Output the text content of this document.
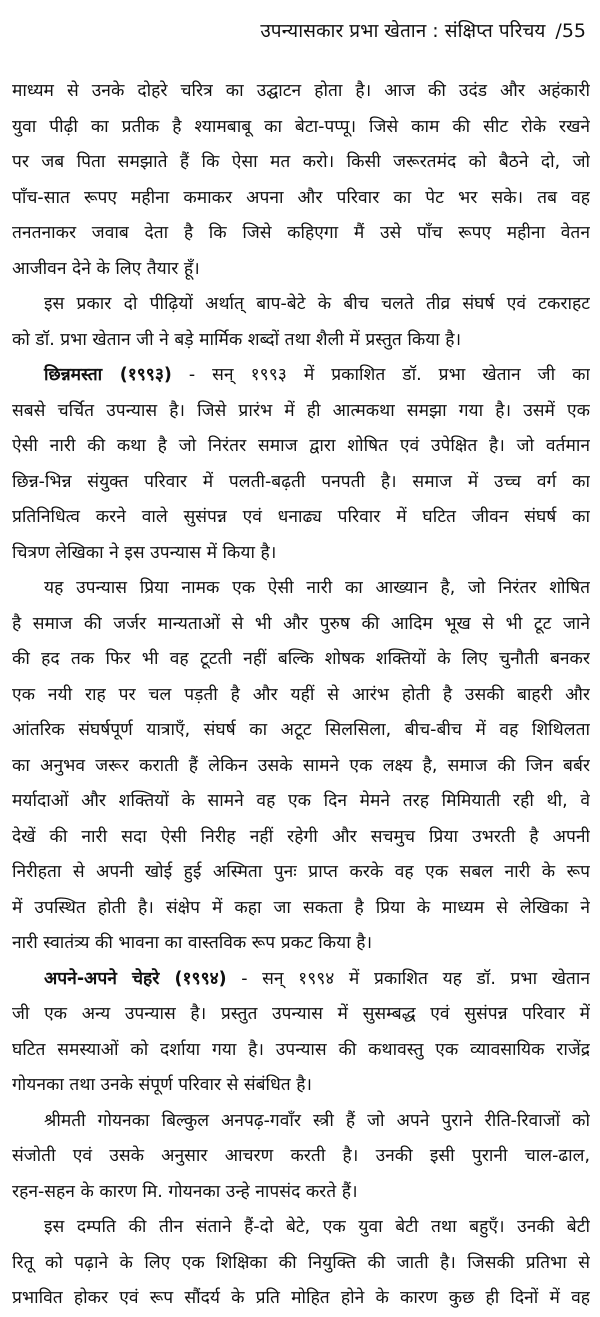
उपन्यासकार प्रभा खेतान : संक्षिप्त परिचय /55
माध्यम से उनके दोहरे चरित्र का उद्घाटन होता है। आज की उदंड और अहंकारी
युवा पीढ़ी का प्रतीक है श्यामबाबू का बेटा-पप्पू। जिसे काम की सीट रोके रखने
पर जब पिता समझाते हैं कि ऐसा मत करो। किसी जरूरतमंद को बैठने दो, जो
पाँच-सात रूपए महीना कमाकर अपना और परिवार का पेट भर सके। तब वह
तनतनाकर जवाब देता है कि जिसे कहिएगा मैं उसे पाँच रूपए महीना वेतन
आजीवन देने के लिए तैयार हूँ।
इस प्रकार दो पीढ़ियों अर्थात् बाप-बेटे के बीच चलते तीव्र संघर्ष एवं टकराहट
को डॉ. प्रभा खेतान जी ने बड़े मार्मिक शब्दों तथा शैली में प्रस्तुत किया है।
छिन्नमस्ता (१९९३) - सन् १९९३ में प्रकाशित डॉ. प्रभा खेतान जी का
सबसे चर्चित उपन्यास है। जिसे प्रारंभ में ही आत्मकथा समझा गया है। उसमें एक
ऐसी नारी की कथा है जो निरंतर समाज द्वारा शोषित एवं उपेक्षित है। जो वर्तमान
छिन्न-भिन्न संयुक्त परिवार में पलती-बढ़ती पनपती है। समाज में उच्च वर्ग का
प्रतिनिधित्व करने वाले सुसंपन्न एवं धनाढ्य परिवार में घटित जीवन संघर्ष का
चित्रण लेखिका ने इस उपन्यास में किया है।
यह उपन्यास प्रिया नामक एक ऐसी नारी का आख्यान है, जो निरंतर शोषित
है समाज की जर्जर मान्यताओं से भी और पुरुष की आदिम भूख से भी टूट जाने
की हद तक फिर भी वह टूटती नहीं बल्कि शोषक शक्तियों के लिए चुनौती बनकर
एक नयी राह पर चल पड़ती है और यहीं से आरंभ होती है उसकी बाहरी और
आंतरिक संघर्षपूर्ण यात्राएँ, संघर्ष का अटूट सिलसिला, बीच-बीच में वह शिथिलता
का अनुभव जरूर कराती हैं लेकिन उसके सामने एक लक्ष्य है, समाज की जिन बर्बर
मर्यादाओं और शक्तियों के सामने वह एक दिन मेमने तरह मिमियाती रही थी, वे
देखें की नारी सदा ऐसी निरीह नहीं रहेगी और सचमुच प्रिया उभरती है अपनी
निरीहता से अपनी खोई हुई अस्मिता पुनः प्राप्त करके वह एक सबल नारी के रूप
में उपस्थित होती है। संक्षेप में कहा जा सकता है प्रिया के माध्यम से लेखिका ने
नारी स्वातंत्र्य की भावना का वास्तविक रूप प्रकट किया है।
अपने-अपने चेहरे (१९९४) - सन् १९९४ में प्रकाशित यह डॉ. प्रभा खेतान
जी एक अन्य उपन्यास है। प्रस्तुत उपन्यास में सुसम्बद्ध एवं सुसंपन्न परिवार में
घटित समस्याओं को दर्शाया गया है। उपन्यास की कथावस्तु एक व्यावसायिक राजेंद्र
गोयनका तथा उनके संपूर्ण परिवार से संबंधित है।
श्रीमती गोयनका बिल्कुल अनपढ़-गवाँर स्त्री हैं जो अपने पुराने रीति-रिवाजों को
संजोती एवं उसके अनुसार आचरण करती है। उनकी इसी पुरानी चाल-ढाल,
रहन-सहन के कारण मि. गोयनका उन्हे नापसंद करते हैं।
इस दम्पति की तीन संताने हैं-दो बेटे, एक युवा बेटी तथा बहुएँ। उनकी बेटी
रितू को पढ़ाने के लिए एक शिक्षिका की नियुक्ति की जाती है। जिसकी प्रतिभा से
प्रभावित होकर एवं रूप सौंदर्य के प्रति मोहित होने के कारण कुछ ही दिनों में वह
